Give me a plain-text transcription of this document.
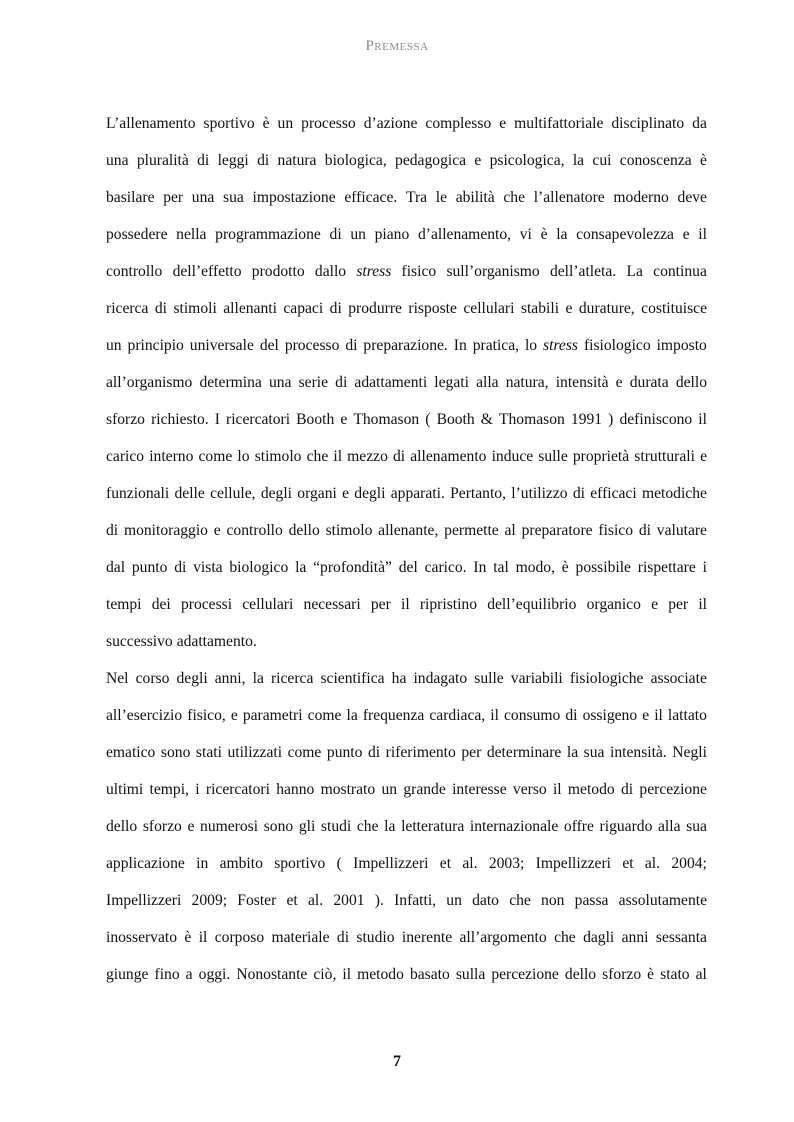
Premessa
L’allenamento sportivo è un processo d’azione complesso e multifattoriale disciplinato da
una pluralità di leggi di natura biologica, pedagogica e psicologica, la cui conoscenza è
basilare per una sua impostazione efficace. Tra le abilità che l’allenatore moderno deve
possedere nella programmazione di un piano d’allenamento, vi è la consapevolezza e il
controllo dell’effetto prodotto dallo stress fisico sull’organismo dell’atleta. La continua
ricerca di stimoli allenanti capaci di produrre risposte cellulari stabili e durature, costituisce
un principio universale del processo di preparazione. In pratica, lo stress fisiologico imposto
all’organismo determina una serie di adattamenti legati alla natura, intensità e durata dello
sforzo richiesto. I ricercatori Booth e Thomason ( Booth & Thomason 1991 ) definiscono il
carico interno come lo stimolo che il mezzo di allenamento induce sulle proprietà strutturali e
funzionali delle cellule, degli organi e degli apparati. Pertanto, l’utilizzo di efficaci metodiche
di monitoraggio e controllo dello stimolo allenante, permette al preparatore fisico di valutare
dal punto di vista biologico la “profondità” del carico. In tal modo, è possibile rispettare i
tempi dei processi cellulari necessari per il ripristino dell’equilibrio organico e per il
successivo adattamento.
Nel corso degli anni, la ricerca scientifica ha indagato sulle variabili fisiologiche associate
all’esercizio fisico, e parametri come la frequenza cardiaca, il consumo di ossigeno e il lattato
ematico sono stati utilizzati come punto di riferimento per determinare la sua intensità. Negli
ultimi tempi, i ricercatori hanno mostrato un grande interesse verso il metodo di percezione
dello sforzo e numerosi sono gli studi che la letteratura internazionale offre riguardo alla sua
applicazione in ambito sportivo ( Impellizzeri et al. 2003; Impellizzeri et al. 2004;
Impellizzeri 2009; Foster et al. 2001 ). Infatti, un dato che non passa assolutamente
inosservato è il corposo materiale di studio inerente all’argomento che dagli anni sessanta
giunge fino a oggi. Nonostante ciò, il metodo basato sulla percezione dello sforzo è stato al
7
